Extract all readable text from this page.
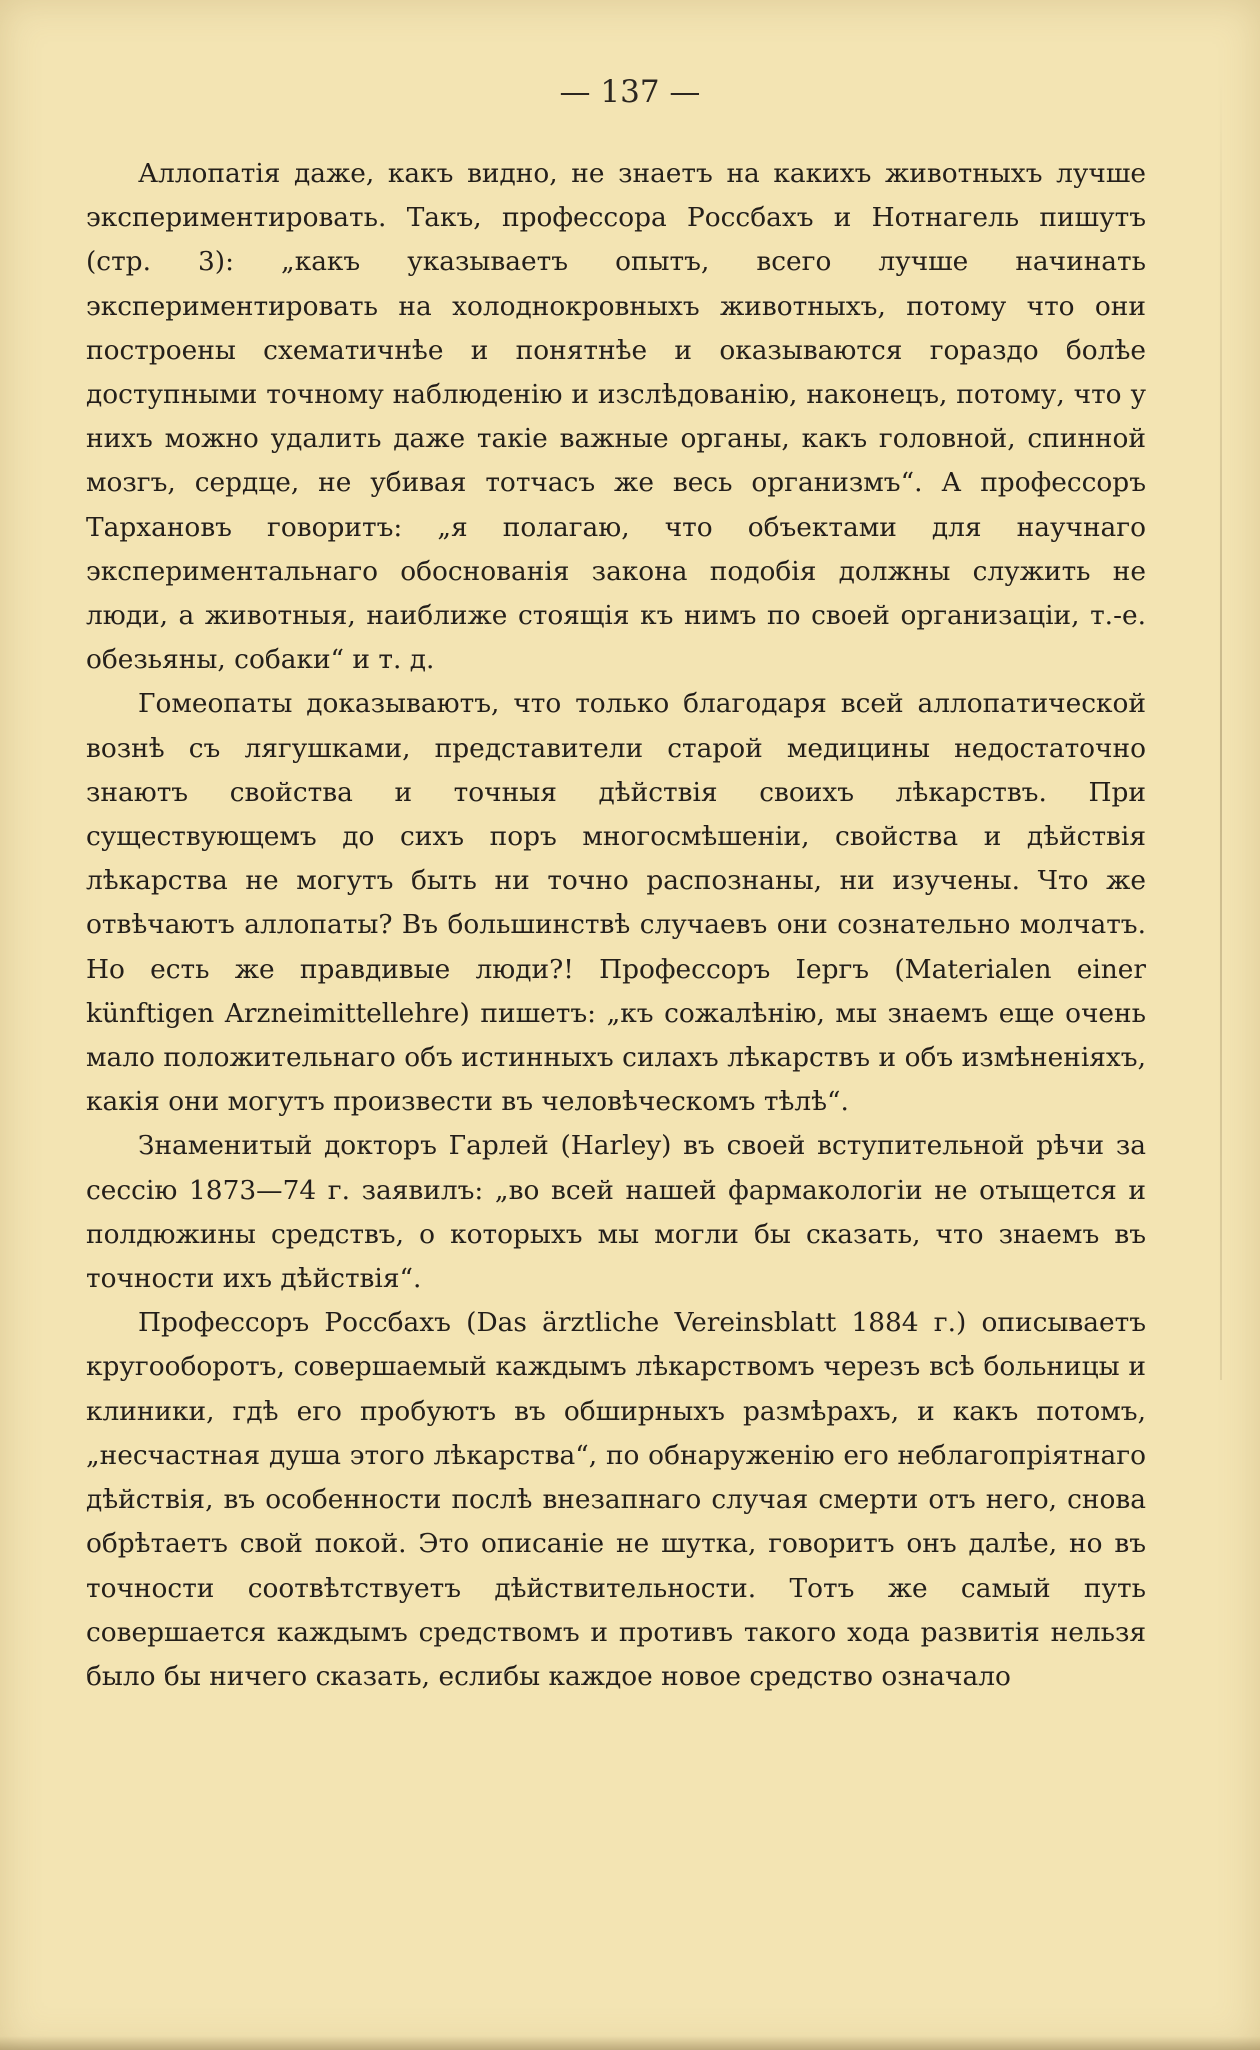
— 137 —

Аллопатія даже, какъ видно, не знаетъ на какихъ животныхъ лучше экспериментировать. Такъ, профессора Россбахъ и Нотнагель пишутъ (стр. 3): „какъ указываетъ опытъ, всего лучше начинать экспериментировать на холоднокровныхъ животныхъ, потому что они построены схематичнѣе и понятнѣе и оказываются гораздо болѣе доступными точному наблюденію и изслѣдованію, наконецъ, потому, что у нихъ можно удалить даже такіе важные органы, какъ головной, спинной мозгъ, сердце, не убивая тотчасъ же весь организмъ“. А профессоръ Тархановъ говоритъ: „я полагаю, что объектами для научнаго экспериментальнаго обоснованія закона подобія должны служить не люди, а животныя, наиближе стоящія къ нимъ по своей организаціи, т.-е. обезьяны, собаки“ и т. д.

Гомеопаты доказываютъ, что только благодаря всей аллопатической вознѣ съ лягушками, представители старой медицины недостаточно знаютъ свойства и точныя дѣйствія своихъ лѣкарствъ. При существующемъ до сихъ поръ многосмѣшеніи, свойства и дѣйствія лѣкарства не могутъ быть ни точно распознаны, ни изучены. Что же отвѣчаютъ аллопаты? Въ большинствѣ случаевъ они сознательно молчатъ. Но есть же правдивые люди?! Профессоръ Іергъ (Materialen einer künftigen Arzneimittellehre) пишетъ: „къ сожалѣнію, мы знаемъ еще очень мало положительнаго объ истинныхъ силахъ лѣкарствъ и объ измѣненіяхъ, какія они могутъ произвести въ человѣческомъ тѣлѣ“.

Знаменитый докторъ Гарлей (Harley) въ своей вступительной рѣчи за сессію 1873—74 г. заявилъ: „во всей нашей фармакологіи не отыщется и полдюжины средствъ, о которыхъ мы могли бы сказать, что знаемъ въ точности ихъ дѣйствія“.

Профессоръ Россбахъ (Das ärztliche Vereinsblatt 1884 г.) описываетъ кругооборотъ, совершаемый каждымъ лѣкарствомъ черезъ всѣ больницы и клиники, гдѣ его пробуютъ въ обширныхъ размѣрахъ, и какъ потомъ, „несчастная душа этого лѣкарства“, по обнаруженію его неблагопріятнаго дѣйствія, въ особенности послѣ внезапнаго случая смерти отъ него, снова обрѣтаетъ свой покой. Это описаніе не шутка, говоритъ онъ далѣе, но въ точности соотвѣтствуетъ дѣйствительности. Тотъ же самый путь совершается каждымъ средствомъ и противъ такого хода развитія нельзя было бы ничего сказать, еслибы каждое новое средство означало
